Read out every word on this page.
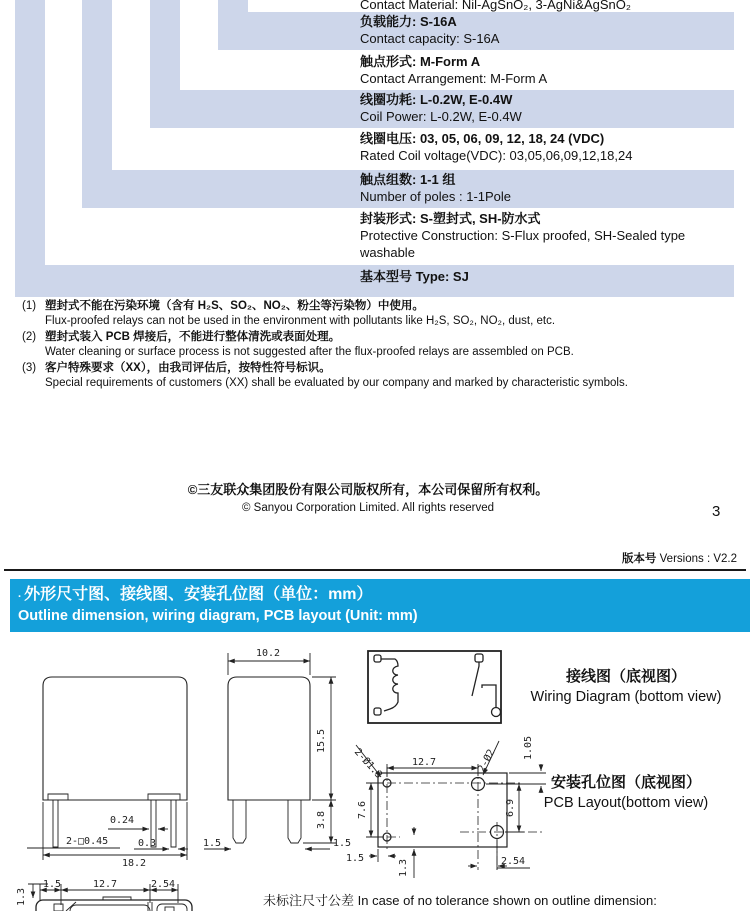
Contact Material: Nil-AgSnO₂, 3-AgNi&AgSnO₂
负载能力: S-16A
Contact capacity: S-16A
触点形式: M-Form A
Contact Arrangement: M-Form A
线圈功耗: L-0.2W, E-0.4W
Coil Power: L-0.2W, E-0.4W
线圈电压: 03, 05, 06, 09, 12, 18, 24 (VDC)
Rated Coil voltage(VDC): 03,05,06,09,12,18,24
触点组数: 1-1 组
Number of poles : 1-1Pole
封装形式: S-塑封式, SH-防水式
Protective Construction: S-Flux proofed, SH-Sealed type
washable
基本型号 Type: SJ
(1) 塑封式不能在污染环境（含有 H₂S、SO₂、NO₂、粉尘等污染物）中使用。
Flux-proofed relays can not be used in the environment with pollutants like H₂S, SO₂, NO₂, dust, etc.
(2) 塑封式装入 PCB 焊接后，不能进行整体清洗或表面处理。
Water cleaning or surface process is not suggested after the flux-proofed relays are assembled on PCB.
(3) 客户特殊要求（XX），由我司评估后，按特性符号标识。
Special requirements of customers (XX) shall be evaluated by our company and marked by characteristic symbols.
©三友联众集团股份有限公司版权所有，本公司保留所有权利。
© Sanyou Corporation Limited. All rights reserved	3
版本号 Versions : V2.2
. 外形尺寸图、接线图、安装孔位图（单位：mm）
Outline dimension, wiring diagram, PCB layout (Unit: mm)
0.24
2-□0.45	0.3
18.2
10.2
15.5
3.8
1.5	1.5
2-Ø1.3	2-Ø2
12.7
1.05
6.9
7.6
1.5
1.3	2.54
1.5	12.7	2.54
1.3
接线图（底视图）
Wiring Diagram (bottom view)
安装孔位图（底视图）
PCB Layout(bottom view)
未标注尺寸公差 In case of no tolerance shown on outline dimension:
